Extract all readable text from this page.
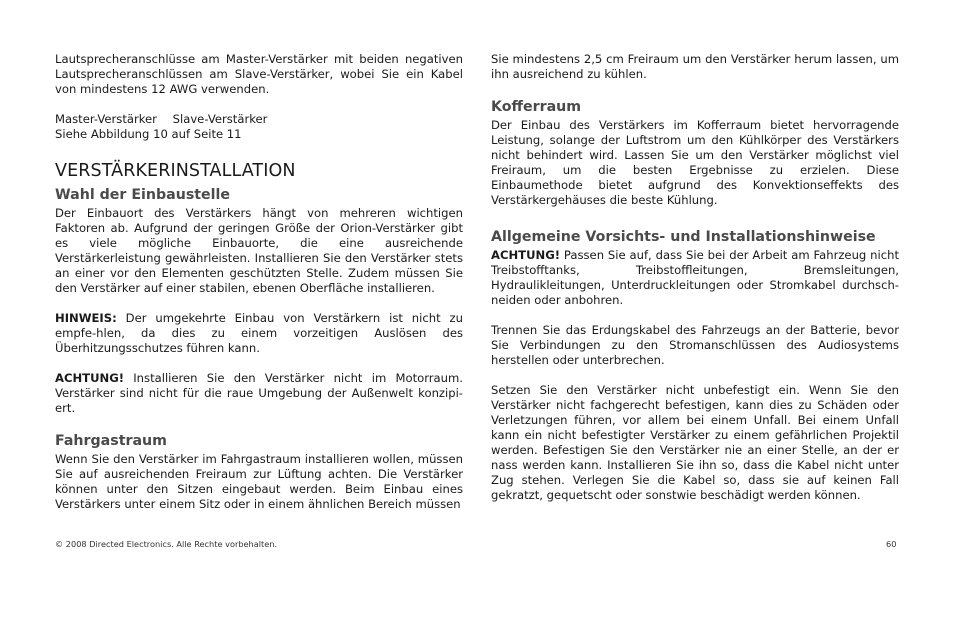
Lautsprecheranschlüsse am Master-Verstärker mit beiden negativen Lautsprecheranschlüssen am Slave-Verstärker, wobei Sie ein Kabel von mindestens 12 AWG verwenden.

Master-Verstärker Slave-Verstärker

Siehe Abbildung 10 auf Seite 11

VERSTÄRKERINSTALLATION
Wahl der Einbaustelle

Der Einbauort des Verstärkers hängt von mehreren wichtigen Faktoren ab. Aufgrund der geringen Größe der Orion-Verstärker gibt es viele mögliche Einbauorte, die eine ausreichende Verstärkerleistung gewährleisten. Installieren Sie den Verstärker stets an einer vor den Elementen geschützten Stelle. Zudem müssen Sie den Verstärker auf einer stabilen, ebenen Oberfläche installieren.

HINWEIS: Der umgekehrte Einbau von Verstärkern ist nicht zu empfe-hlen, da dies zu einem vorzeitigen Auslösen des Überhitzungsschutzes führen kann.

ACHTUNG! Installieren Sie den Verstärker nicht im Motorraum. Verstärker sind nicht für die raue Umgebung der Außenwelt konzipi-ert.

Fahrgastraum

Wenn Sie den Verstärker im Fahrgastraum installieren wollen, müssen Sie auf ausreichenden Freiraum zur Lüftung achten. Die Verstärker können unter den Sitzen eingebaut werden. Beim Einbau eines Verstärkers unter einem Sitz oder in einem ähnlichen Bereich müssen

Sie mindestens 2,5 cm Freiraum um den Verstärker herum lassen, um ihn ausreichend zu kühlen.

Kofferraum

Der Einbau des Verstärkers im Kofferraum bietet hervorragende Leistung, solange der Luftstrom um den Kühlkörper des Verstärkers nicht behindert wird. Lassen Sie um den Verstärker möglichst viel Freiraum, um die besten Ergebnisse zu erzielen. Diese Einbaumethode bietet aufgrund des Konvektionseffekts des Verstärkergehäuses die beste Kühlung.

Allgemeine Vorsichts- und Installationshinweise

ACHTUNG! Passen Sie auf, dass Sie bei der Arbeit am Fahrzeug nicht Treibstofftanks, Treibstoffleitungen, Bremsleitungen, Hydraulikleitungen, Unterdruckleitungen oder Stromkabel durchsch-neiden oder anbohren.

Trennen Sie das Erdungskabel des Fahrzeugs an der Batterie, bevor Sie Verbindungen zu den Stromanschlüssen des Audiosystems herstellen oder unterbrechen.

Setzen Sie den Verstärker nicht unbefestigt ein. Wenn Sie den Verstärker nicht fachgerecht befestigen, kann dies zu Schäden oder Verletzungen führen, vor allem bei einem Unfall. Bei einem Unfall kann ein nicht befestigter Verstärker zu einem gefährlichen Projektil werden. Befestigen Sie den Verstärker nie an einer Stelle, an der er nass werden kann. Installieren Sie ihn so, dass die Kabel nicht unter Zug stehen. Verlegen Sie die Kabel so, dass sie auf keinen Fall gekratzt, gequetscht oder sonstwie beschädigt werden können.

© 2008 Directed Electronics. Alle Rechte vorbehalten.	60
